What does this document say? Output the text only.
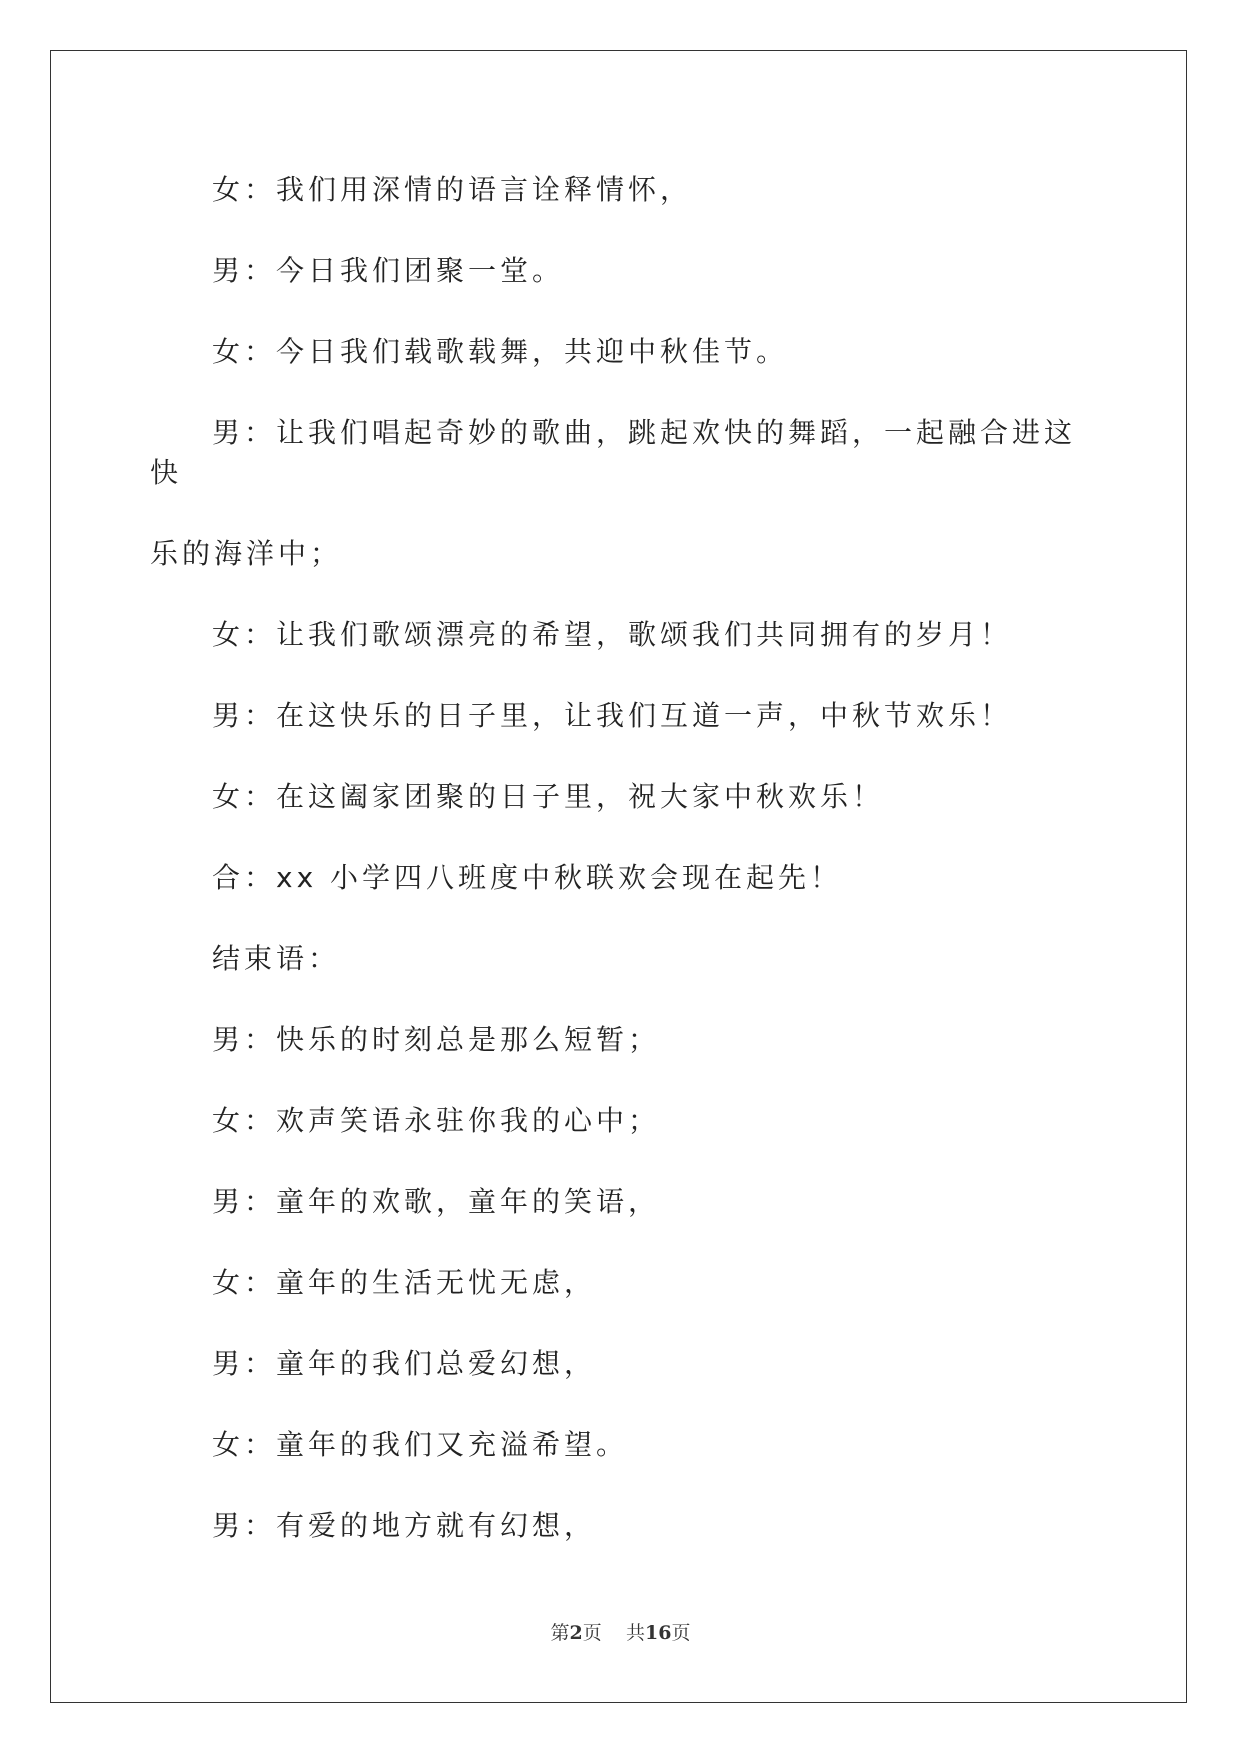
女：我们用深情的语言诠释情怀，

男：今日我们团聚一堂。

女：今日我们载歌载舞，共迎中秋佳节。

男：让我们唱起奇妙的歌曲，跳起欢快的舞蹈，一起融合进这快
乐的海洋中；

女：让我们歌颂漂亮的希望，歌颂我们共同拥有的岁月！

男：在这快乐的日子里，让我们互道一声，中秋节欢乐！

女：在这阖家团聚的日子里，祝大家中秋欢乐！

合：xx 小学四八班度中秋联欢会现在起先！

结束语：

男：快乐的时刻总是那么短暂；

女：欢声笑语永驻你我的心中；

男：童年的欢歌，童年的笑语，

女：童年的生活无忧无虑，

男：童年的我们总爱幻想，

女：童年的我们又充溢希望。

男：有爱的地方就有幻想，

第2页 共16页
